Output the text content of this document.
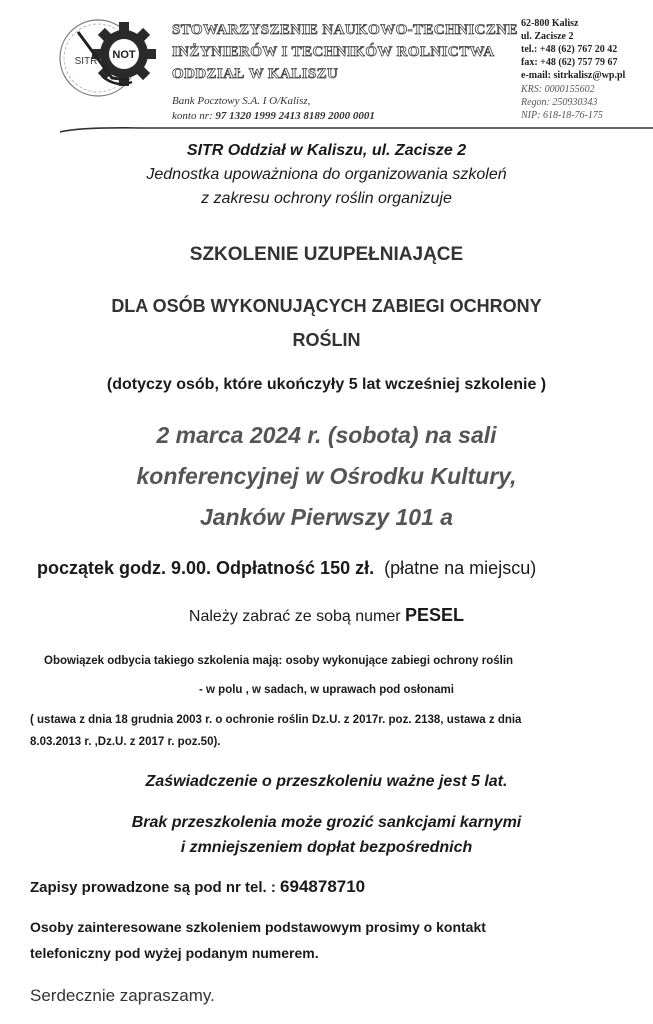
NOT
SITR
STOWARZYSZENIE NAUKOWO-TECHNICZNE
INŻYNIERÓW I TECHNIKÓW ROLNICTWA
ODDZIAŁ W KALISZU
Bank Pocztowy S.A. I O/Kalisz,
konto nr: 97 1320 1999 2413 8189 2000 0001
62-800 Kalisz
ul. Zacisze 2
tel.: +48 (62) 767 20 42
fax: +48 (62) 757 79 67
e-mail: sitrkalisz@wp.pl
KRS: 0000155602
Regon: 250930343
NIP: 618-18-76-175
SITR Oddział w Kaliszu, ul. Zacisze 2
Jednostka upoważniona do organizowania szkoleń
z zakresu ochrony roślin organizuje
SZKOLENIE UZUPEŁNIAJĄCE
DLA OSÓB WYKONUJĄCYCH ZABIEGI OCHRONY
ROŚLIN
(dotyczy osób, które ukończyły 5 lat wcześniej szkolenie )
2 marca 2024 r. (sobota) na sali
konferencyjnej w Ośrodku Kultury,
Janków Pierwszy 101 a
początek godz. 9.00. Odpłatność 150 zł. (płatne na miejscu)
Należy zabrać ze sobą numer PESEL
Obowiązek odbycia takiego szkolenia mają: osoby wykonujące zabiegi ochrony roślin
- w polu , w sadach, w uprawach pod osłonami
( ustawa z dnia 18 grudnia 2003 r. o ochronie roślin Dz.U. z 2017r. poz. 2138, ustawa z dnia
8.03.2013 r. ,Dz.U. z 2017 r. poz.50).
Zaświadczenie o przeszkoleniu ważne jest 5 lat.
Brak przeszkolenia może grozić sankcjami karnymi
i zmniejszeniem dopłat bezpośrednich
Zapisy prowadzone są pod nr tel. : 694878710
Osoby zainteresowane szkoleniem podstawowym prosimy o kontakt
telefoniczny pod wyżej podanym numerem.
Serdecznie zapraszamy.
